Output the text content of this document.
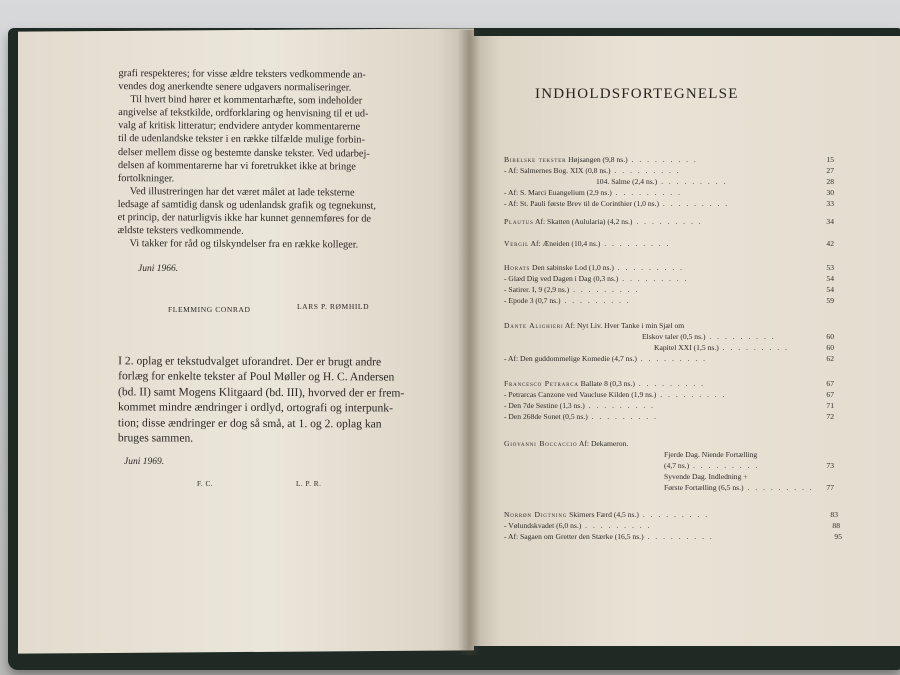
grafi respekteres; for visse ældre teksters vedkommende an-
vendes dog anerkendte senere udgavers normaliseringer.

Til hvert bind hører et kommentarhæfte, som indeholder
angivelse af tekstkilde, ordforklaring og henvisning til et ud-
valg af kritisk litteratur; endvidere antyder kommentarerne
til de udenlandske tekster i en række tilfælde mulige forbin-
delser mellem disse og bestemte danske tekster. Ved udarbej-
delsen af kommentarerne har vi foretrukket ikke at bringe
fortolkninger.

Ved illustreringen har det været målet at lade teksterne
ledsage af samtidig dansk og udenlandsk grafik og tegnekunst,
et princip, der naturligvis ikke har kunnet gennemføres for de
ældste teksters vedkommende.

Vi takker for råd og tilskyndelser fra en række kolleger.

Juni 1966.
FLEMMING CONRAD	LARS P. RØMHILD

I 2. oplag er tekstudvalget uforandret. Der er brugt andre
forlæg for enkelte tekster af Poul Møller og H. C. Andersen
(bd. II) samt Mogens Klitgaard (bd. III), hvorved der er frem-
kommet mindre ændringer i ordlyd, ortografi og interpunk-
tion; disse ændringer er dog så små, at 1. og 2. oplag kan
bruges sammen.

Juni 1969.
F. C.	L. P. R.
INDHOLDSFORTEGNELSE
Bibelske tekster Højsangen (9,8 ns.) . . . . . . . . .	15
- Af: Salmernes Bog. XIX (0,8 ns.) . . . . . . . . .	27
104. Salme (2,4 ns.) . . . . . . . . .	28
- Af: S. Marci Euangelium (2,9 ns.) . . . . . . . . .	30
- Af: St. Pauli første Brev til de Corinthier (1,0 ns.) . . . . . . . . .	33
Plautus Af: Skatten (Aulularia) (4,2 ns.) . . . . . . . . .	34
Vergil Af: Æneiden (10,4 ns.) . . . . . . . . .	42
Horats Den sabinske Lod (1,0 ns.) . . . . . . . . .	53
- Glæd Dig ved Dagen i Dag (0,3 ns.) . . . . . . . . .	54
- Satirer. I, 9 (2,9 ns.) . . . . . . . . .	54
- Epode 3 (0,7 ns.) . . . . . . . . .	59
Dante Alighieri Af: Nyt Liv. Hver Tanke i min Sjæl om
Elskov taler (0,5 ns.) . . . . . . . . .	60
Kapitel XXI (1,5 ns.) . . . . . . . . .	60
- Af: Den guddommelige Komedie (4,7 ns.) . . . . . . . . .	62
Francesco Petrarca Ballate 8 (0,3 ns.) . . . . . . . . .	67
- Petrarcas Canzone ved Vaucluse Kilden (1,9 ns.) . . . . . . . . .	67
- Den 7de Sestine (1,3 ns.) . . . . . . . . .	71
- Den 268de Sonet (0,5 ns.) . . . . . . . . .	72
Giovanni Boccaccio Af: Dekameron.
Fjerde Dag. Niende Fortælling
(4,7 ns.) . . . . . . . . .	73
Syvende Dag. Indledning +
Første Fortælling (6,5 ns.) . . . . . . . . . 77
Norrøn Digtning Skirners Færd (4,5 ns.) . . . . . . . . .	83
- Vølundskvadet (6,0 ns.) . . . . . . . . .	88
- Af: Sagaen om Gretter den Stærke (16,5 ns.) . . . . . . . . .	95
